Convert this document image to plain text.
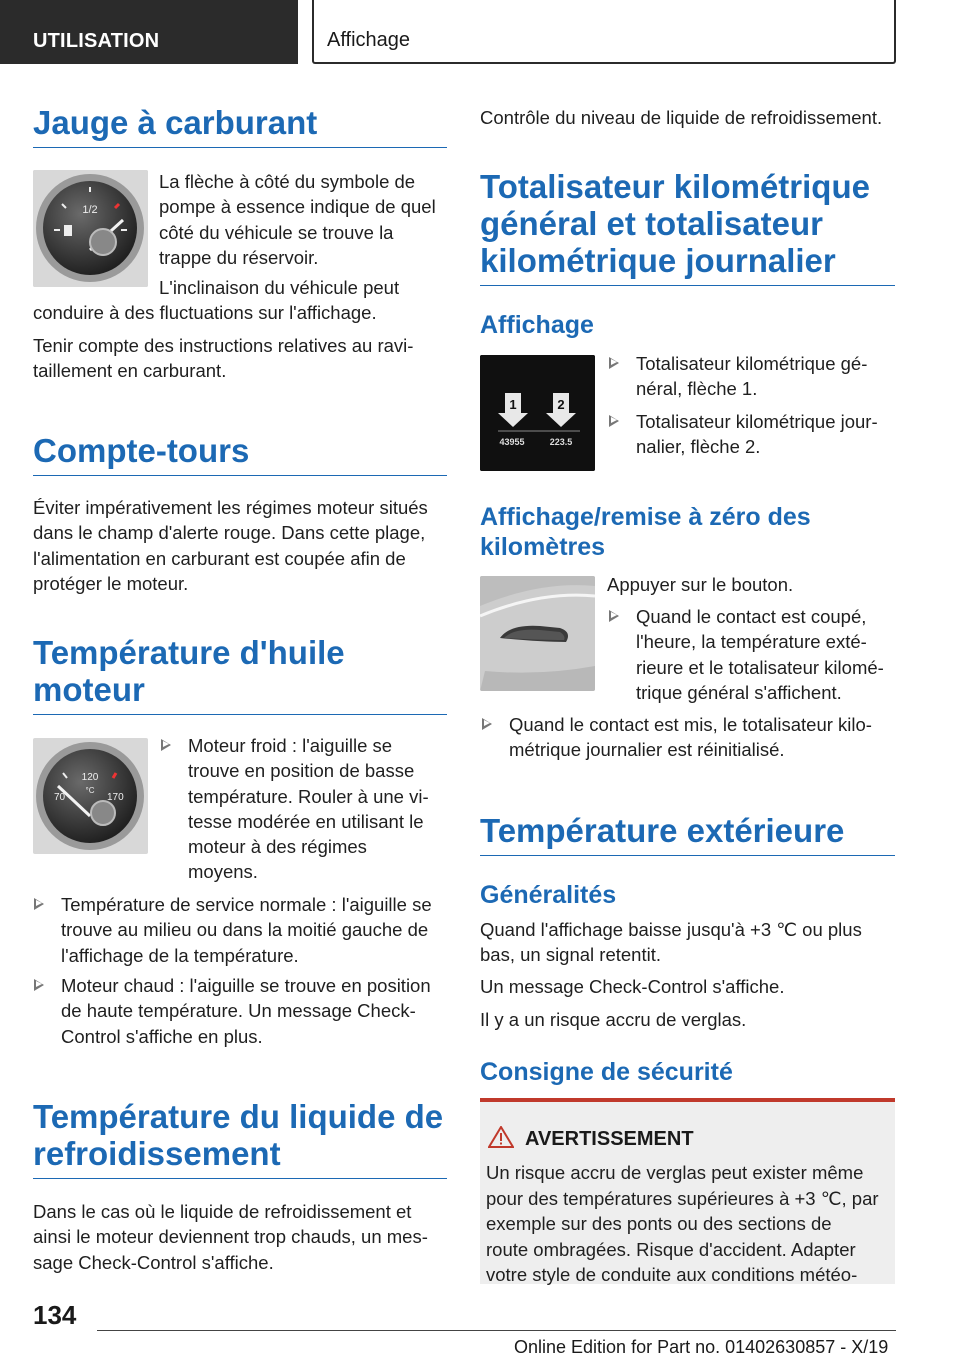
UTILISATION	Affichage
Jauge à carburant
1/2
La flèche à côté du symbole de
pompe à essence indique de quel
côté du véhicule se trouve la
trappe du réservoir.
L'inclinaison du véhicule peut
conduire à des fluctuations sur l'affichage.
Tenir compte des instructions relatives au ravi-
taillement en carburant.
Compte-tours
Éviter impérativement les régimes moteur situés
dans le champ d'alerte rouge. Dans cette plage,
l'alimentation en carburant est coupée afin de
protéger le moteur.
Température d'huile
moteur
120
°C
70	170
Moteur froid : l'aiguille se
trouve en position de basse
température. Rouler à une vi-
tesse modérée en utilisant le
moteur à des régimes
moyens.
Température de service normale : l'aiguille se
trouve au milieu ou dans la moitié gauche de
l'affichage de la température.
Moteur chaud : l'aiguille se trouve en position
de haute température. Un message Check-
Control s'affiche en plus.
Température du liquide de
refroidissement
Dans le cas où le liquide de refroidissement et
ainsi le moteur deviennent trop chauds, un mes-
sage Check-Control s'affiche.
Contrôle du niveau de liquide de refroidissement.
Totalisateur kilométrique
général et totalisateur
kilométrique journalier
Affichage
1	2
43955	223.5
Totalisateur kilométrique gé-
néral, flèche 1.
Totalisateur kilométrique jour-
nalier, flèche 2.
Affichage/remise à zéro des
kilomètres
Appuyer sur le bouton.
Quand le contact est coupé,
l'heure, la température exté-
rieure et le totalisateur kilomé-
trique général s'affichent.
Quand le contact est mis, le totalisateur kilo-
métrique journalier est réinitialisé.
Température extérieure
Généralités
Quand l'affichage baisse jusqu'à +3 ℃ ou plus
bas, un signal retentit.
Un message Check-Control s'affiche.
Il y a un risque accru de verglas.
Consigne de sécurité
AVERTISSEMENT
Un risque accru de verglas peut exister même
pour des températures supérieures à +3 ℃, par
exemple sur des ponts ou des sections de
route ombragées. Risque d'accident. Adapter
votre style de conduite aux conditions météo-
134
Online Edition for Part no. 01402630857 - X/19
